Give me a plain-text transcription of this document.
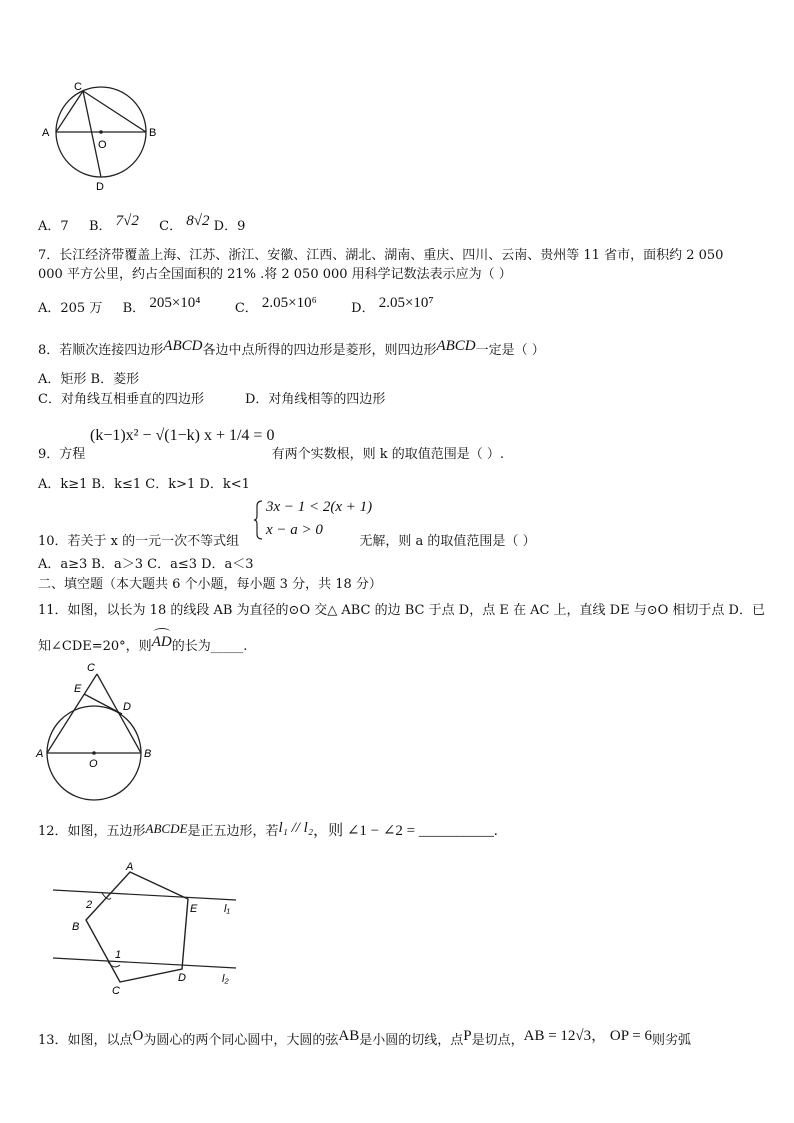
C
A
O
B
D
A．7 B． 7√2 C． 8√2 D．9
7．长江经济带覆盖上海、江苏、浙江、安徽、江西、湖北、湖南、重庆、四川、云南、贵州等 11 省市，面积约 2 050
000 平方公里，约占全国面积的 21% .将 2 050 000 用科学记数法表示应为（ ）
A．205 万 B． 205×10⁴	C． 2.05×10⁶	D． 2.05×10⁷
8．若顺次连接四边形ABCD各边中点所得的四边形是菱形，则四边形ABCD一定是（ ）
A．矩形 B．菱形
C．对角线互相垂直的四边形	D．对角线相等的四边形
(k−1)x² − √(1−k) x + 1/4 = 0
9．方程	有两个实数根，则 k 的取值范围是（ ）.
A．k≥1 B．k≤1 C．k>1 D．k<1
3x − 1 < 2(x + 1)
x − a > 0
10．若关于 x 的一元一次不等式组	无解，则 a 的取值范围是（ ）
A．a≥3 B．a＞3 C．a≤3 D．a＜3
二、填空题（本大题共 6 个小题，每小题 3 分，共 18 分）
11．如图，以长为 18 的线段 AB 为直径的⊙O 交△ ABC 的边 BC 于点 D，点 E 在 AC 上，直线 DE 与⊙O 相切于点 D．已
知∠CDE=20°，则
AD的长为_____.
C
E
D
A
O
B
12．如图，五边形ABCDE是正五边形，若l₁ // l₂，则 ∠1 − ∠2 = __________.
A
2
B
E l₁
1
D	l₂
C
13．如图，以点O为圆心的两个同心圆中，大圆的弦AB是小圆的切线，点P是切点，AB = 12√3， OP = 6则劣弧
